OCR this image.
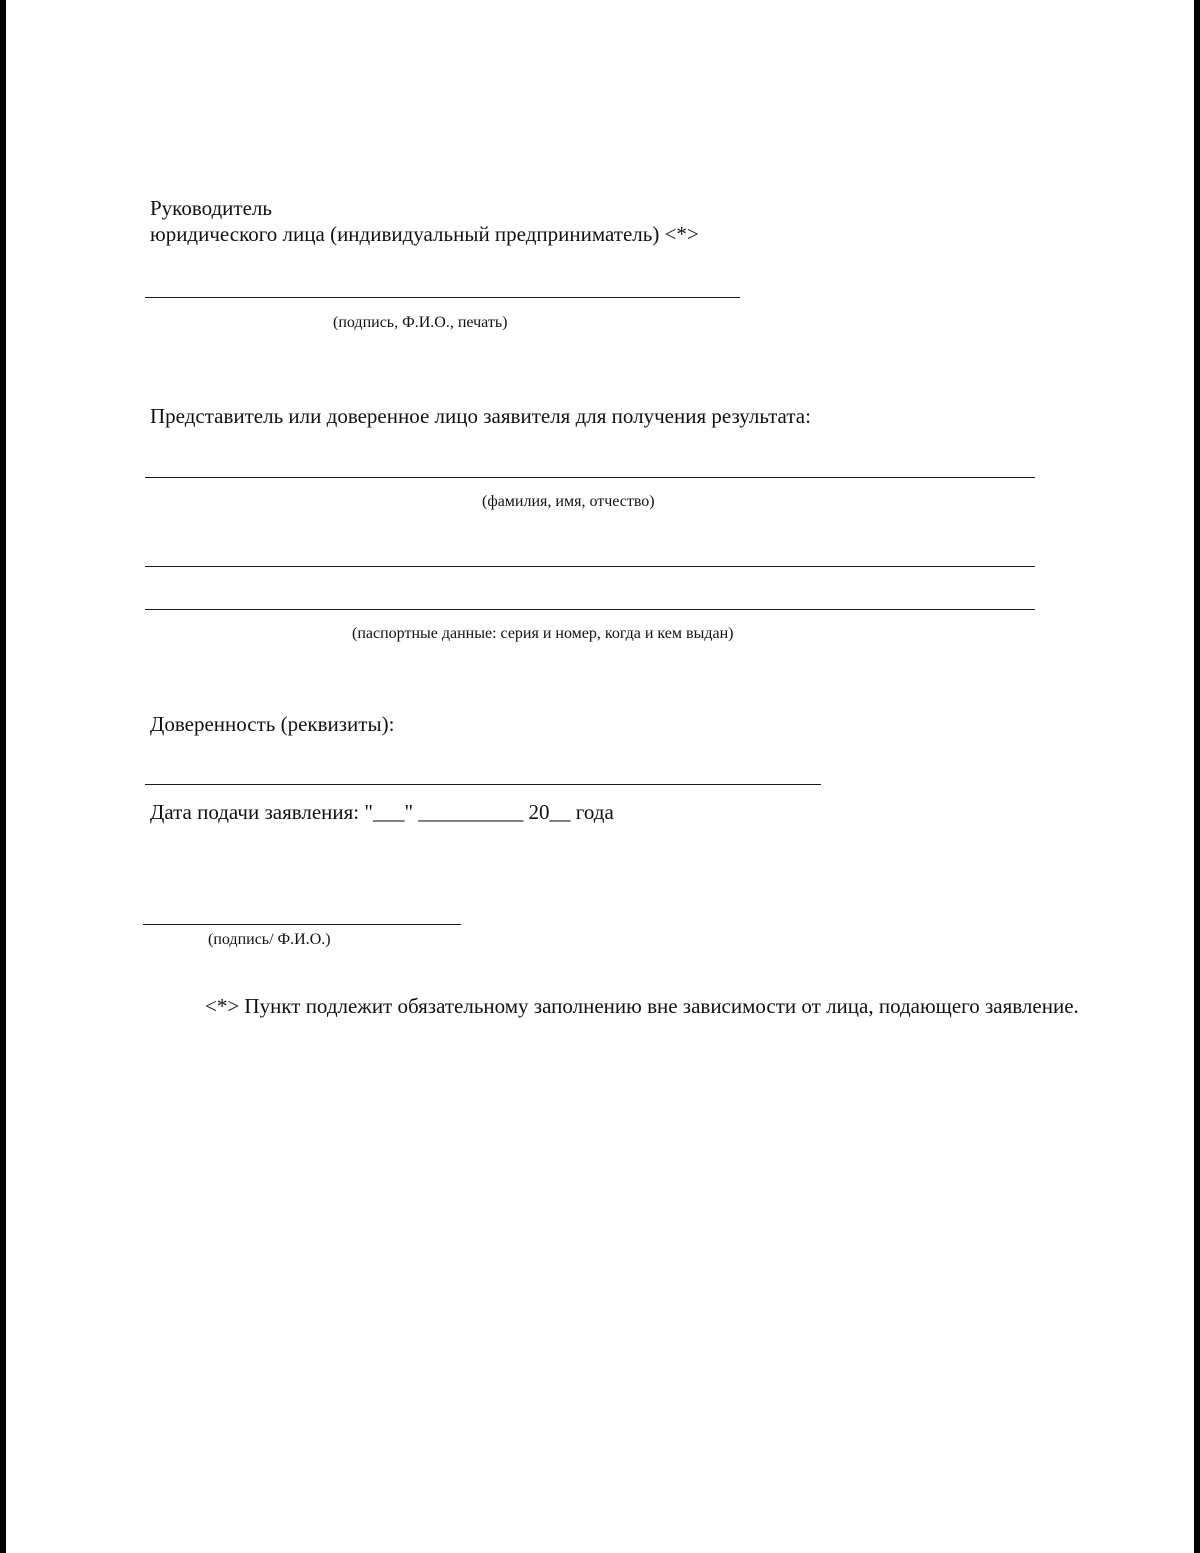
Руководитель
юридического лица (индивидуальный предприниматель) <*>
(подпись, Ф.И.О., печать)
Представитель или доверенное лицо заявителя для получения результата:
(фамилия, имя, отчество)
(паспортные данные: серия и номер, когда и кем выдан)
Доверенность (реквизиты):
Дата подачи заявления: "___" __________ 20__ года
(подпись/ Ф.И.О.)
<*> Пункт подлежит обязательному заполнению вне зависимости от лица, подающего заявление.
